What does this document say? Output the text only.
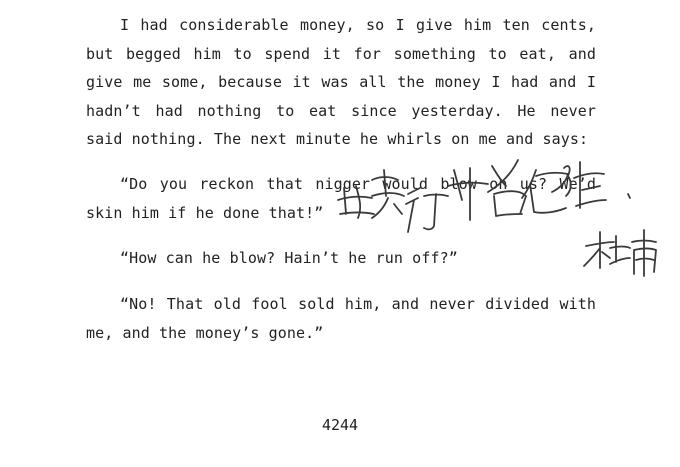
I had considerable money, so I give him ten cents, but begged him to spend it for something to eat, and give me some, because it was all the money I had and I hadn’t had nothing to eat since yesterday. He never said nothing. The next minute he whirls on me and says:

“Do you reckon that nigger would blow on us? We’d skin him if he done that!”

“How can he blow? Hain’t he run off?”

“No! That old fool sold him, and never divided with me, and the money’s gone.”

4244
